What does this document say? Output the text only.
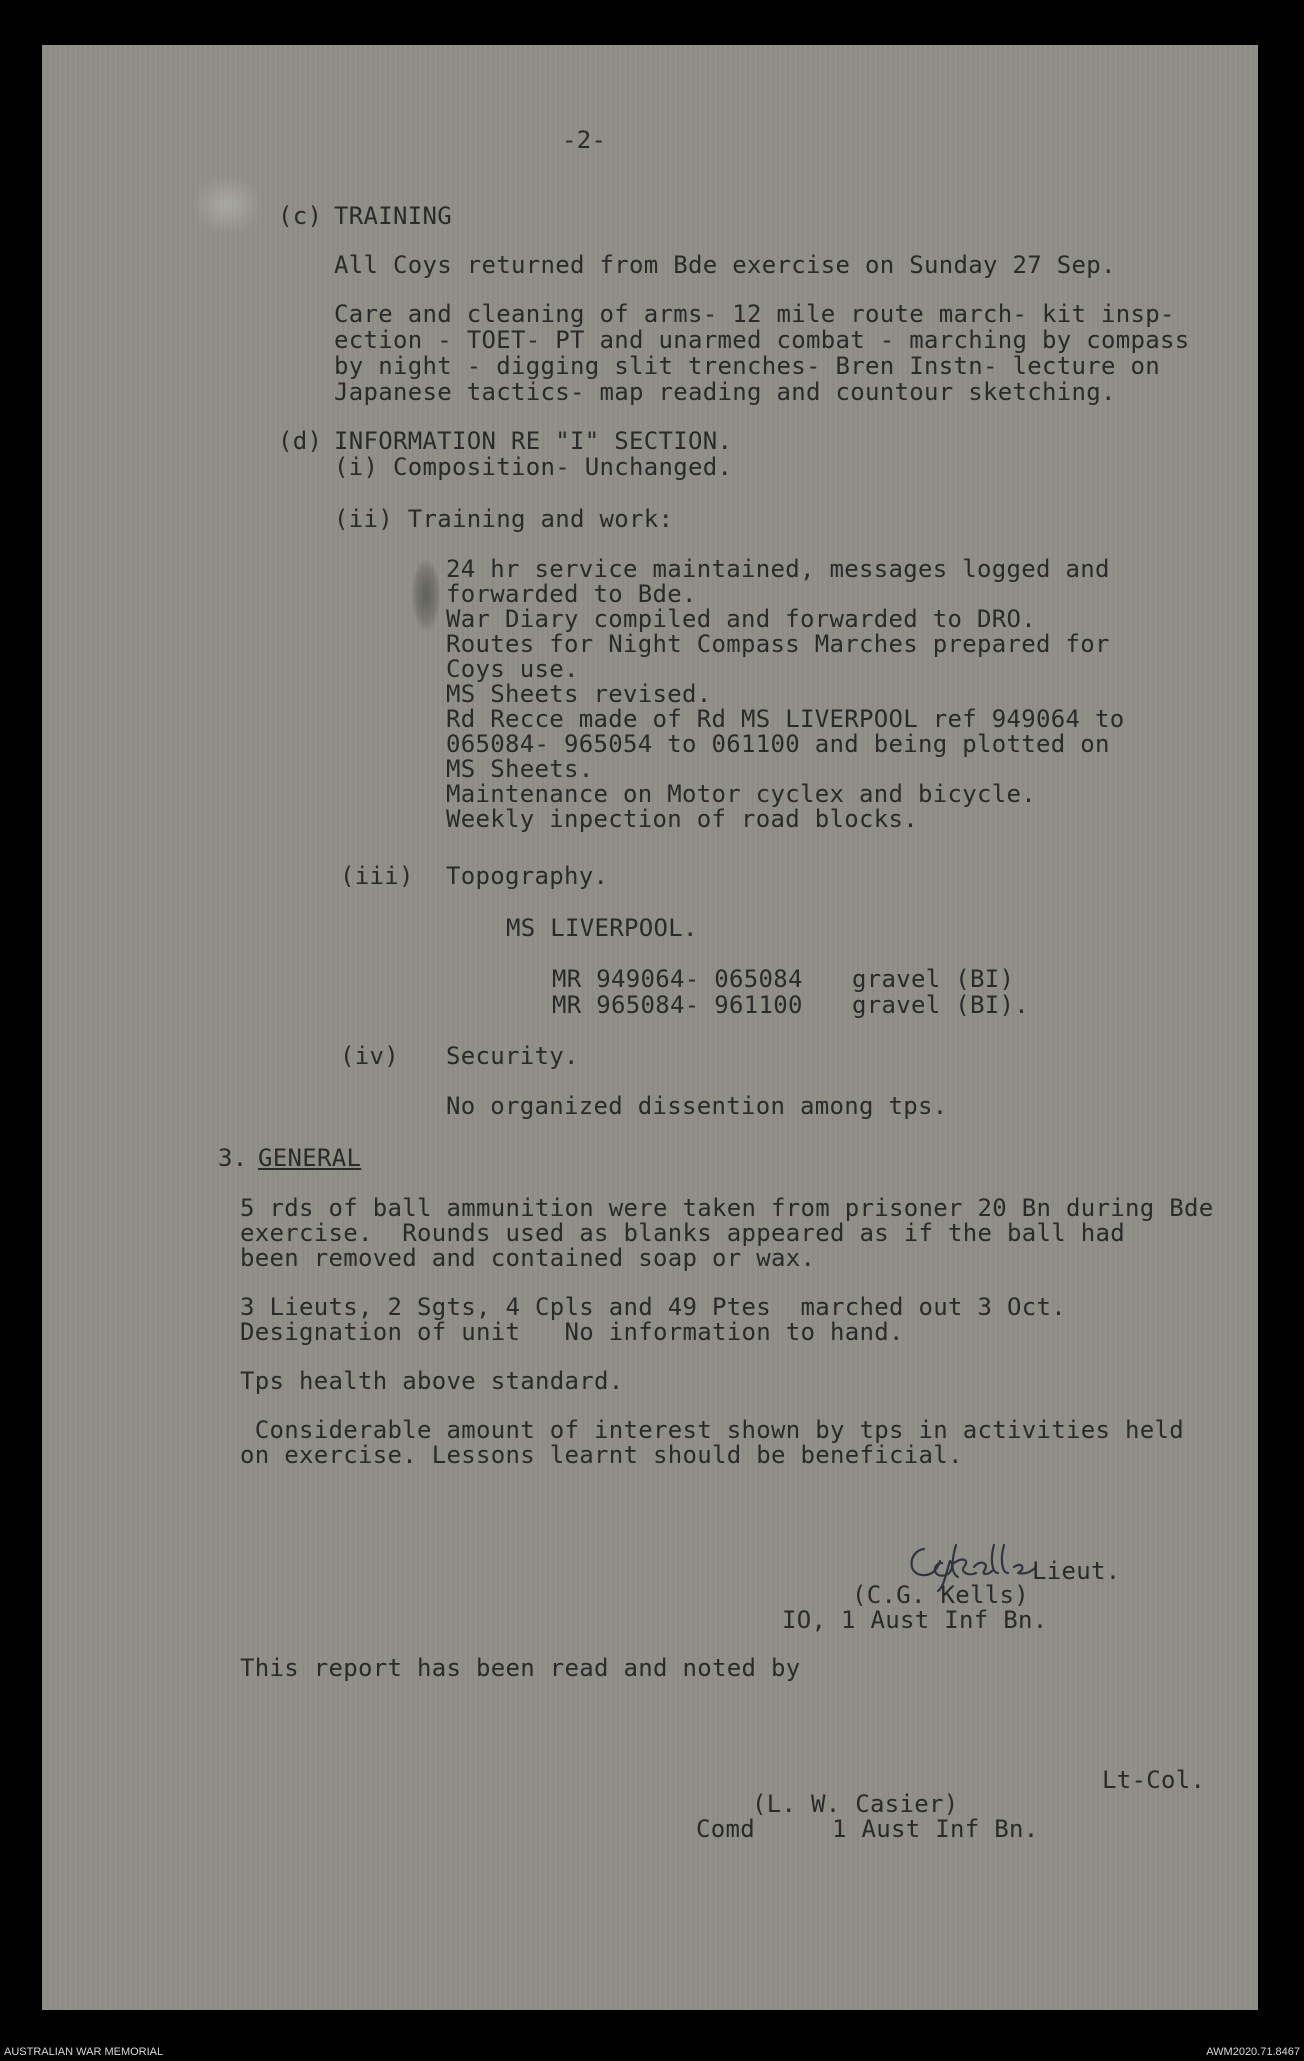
-2-

(c) TRAINING

All Coys returned from Bde exercise on Sunday 27 Sep.

Care and cleaning of arms- 12 mile route march- kit insp-

ection - TOET- PT and unarmed combat - marching by compass

by night - digging slit trenches- Bren Instn- lecture on

Japanese tactics- map reading and countour sketching.

(d) INFORMATION RE "I" SECTION.

(i) Composition- Unchanged.

(ii) Training and work:

24 hr service maintained, messages logged and

forwarded to Bde.

War Diary compiled and forwarded to DRO.

Routes for Night Compass Marches prepared for

Coys use.

MS Sheets revised.

Rd Recce made of Rd MS LIVERPOOL ref 949064 to

065084- 965054 to 061100 and being plotted on

MS Sheets.

Maintenance on Motor cyclex and bicycle.

Weekly inpection of road blocks.

(iii) Topography.

MS LIVERPOOL.

MR 949064- 065084 gravel (BI)

MR 965084- 961100 gravel (BI).

(iv) Security.

No organized dissention among tps.

3. GENERAL

5 rds of ball ammunition were taken from prisoner 20 Bn during Bde

exercise.  Rounds used as blanks appeared as if the ball had

been removed and contained soap or wax.

3 Lieuts, 2 Sgts, 4 Cpls and 49 Ptes  marched out 3 Oct.

Designation of unit   No information to hand.

Tps health above standard.

Considerable amount of interest shown by tps in activities held

on exercise. Lessons learnt should be beneficial.

Lieut.

(C.G. Kells)

IO, 1 Aust Inf Bn.

This report has been read and noted by

Lt-Col.

(L. W. Casier)

Comd	1 Aust Inf Bn.

AUSTRALIAN WAR MEMORIAL	AWM2020.71.8467
